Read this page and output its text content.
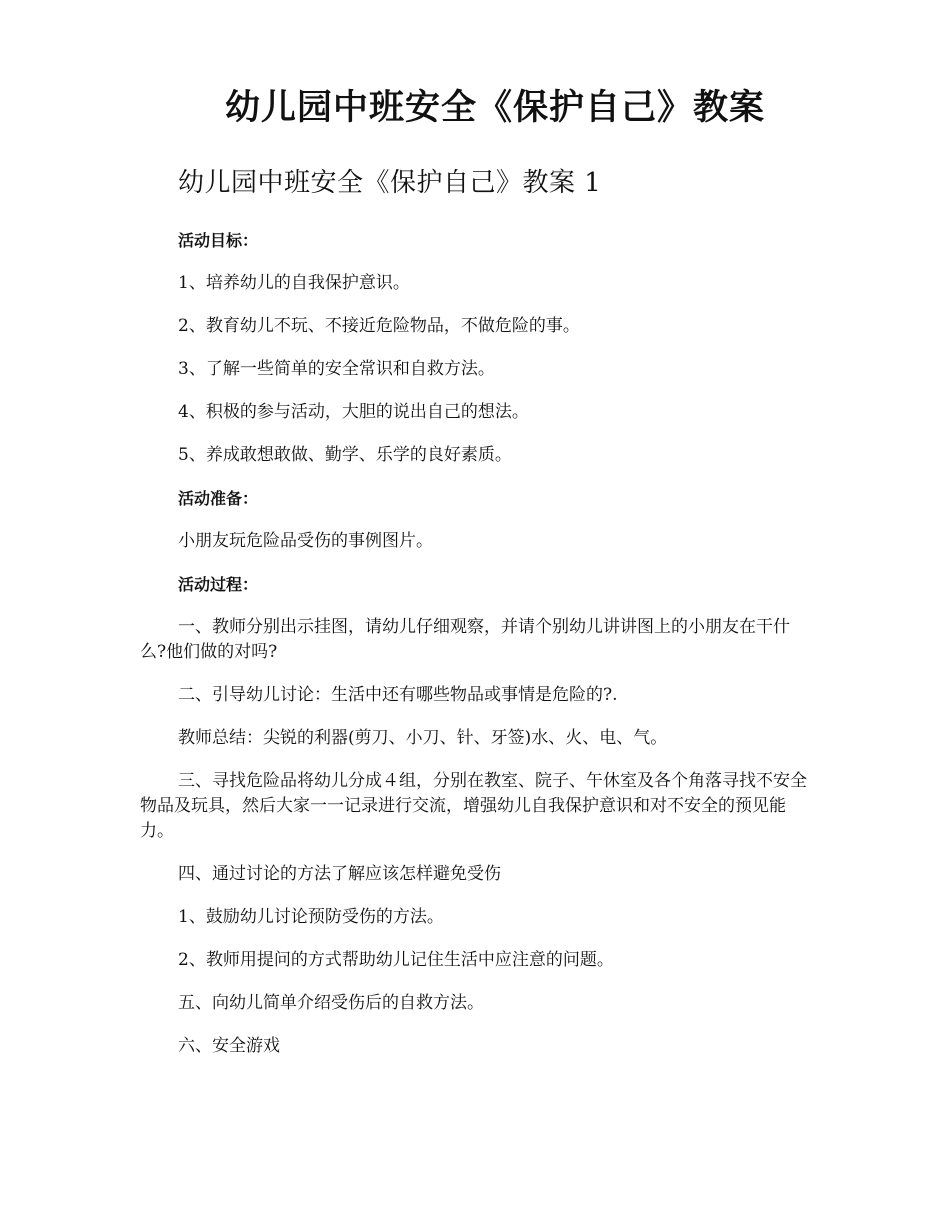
幼儿园中班安全《保护自己》教案
幼儿园中班安全《保护自己》教案 1

活动目标：

1、培养幼儿的自我保护意识。

2、教育幼儿不玩、不接近危险物品，不做危险的事。

3、了解一些简单的安全常识和自救方法。

4、积极的参与活动，大胆的说出自己的想法。

5、养成敢想敢做、勤学、乐学的良好素质。

活动准备：

小朋友玩危险品受伤的事例图片。

活动过程：

一、教师分别出示挂图，请幼儿仔细观察，并请个别幼儿讲讲图上的小朋友在干什么?他们做的对吗?

二、引导幼儿讨论：生活中还有哪些物品或事情是危险的?.

教师总结：尖锐的利器(剪刀、小刀、针、牙签)水、火、电、气。

三、寻找危险品将幼儿分成４组，分别在教室、院子、午休室及各个角落寻找不安全物品及玩具，然后大家一一记录进行交流，增强幼儿自我保护意识和对不安全的预见能力。

四、通过讨论的方法了解应该怎样避免受伤

1、鼓励幼儿讨论预防受伤的方法。

2、教师用提问的方式帮助幼儿记住生活中应注意的问题。

五、向幼儿简单介绍受伤后的自救方法。

六、安全游戏
